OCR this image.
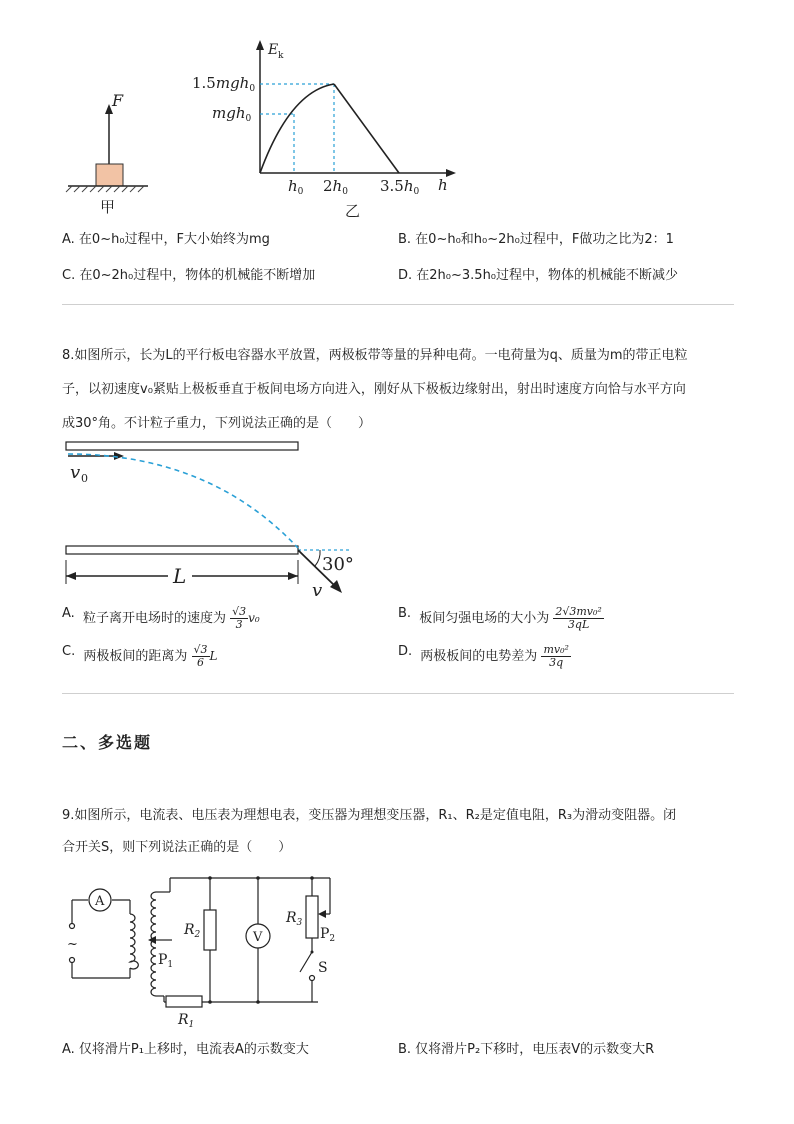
F
甲
E k
h
1.5mgh$_0$
mgh$_0$
$h_0$ $2h_0$ $3.5h_0$
乙
A. 在0~h₀过程中，F大小始终为mg	B. 在0~h₀和h₀~2h₀过程中，F做功之比为2：1
C. 在0~2h₀过程中，物体的机械能不断增加	D. 在2h₀~3.5h₀过程中，物体的机械能不断减少
8.如图所示，长为L的平行板电容器水平放置，两极板带等量的异种电荷。一电荷量为q、质量为m的带正电粒
子，以初速度v₀紧贴上极板垂直于板间电场方向进入，刚好从下极板边缘射出，射出时速度方向恰与水平方向
成30°角。不计粒子重力，下列说法正确的是（　　）
v 0
30°
v
L
A. 粒子离开电场时的速度为 $\frac{√3}{3} v_0$	B. 板间匀强电场的大小为 $\frac{\text{2√3mv₀²}}{3qL}$
C. 两极板间的距离为 $\frac{√3}{6}$ L	D. 两极板间的电势差为 $\frac{\text{mv₀²}}{3q}$
二、多选题
9.如图所示，电流表、电压表为理想电表，变压器为理想变压器，R₁、R₂是定值电阻，R₃为滑动变阻器。闭
合开关S，则下列说法正确的是（　　）
A
V
~
$R_2$
$R_3$
$R_1$
$P_1$
$P_2$
S
A. 仅将滑片P₁上移时，电流表A的示数变大	B. 仅将滑片P₂下移时，电压表V的示数变大R
